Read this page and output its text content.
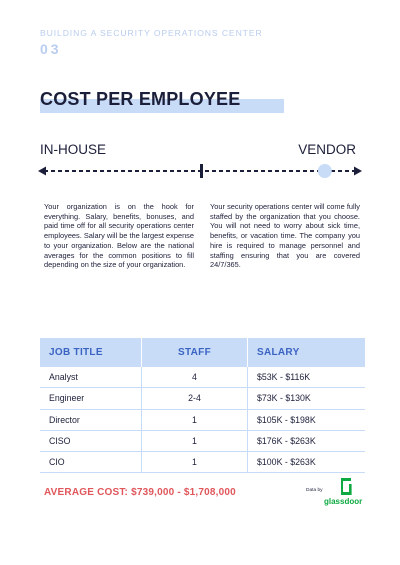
BUILDING A SECURITY OPERATIONS CENTER
03
COST PER EMPLOYEE
IN-HOUSE	VENDOR
Your organization is on the hook for everything. Salary, benefits, bonuses, and paid time off for all security operations center employees. Salary will be the largest expense to your organization. Below are the national averages for the common positions to fill depending on the size of your organization.
Your security operations center will come fully staffed by the organization that you choose. You will not need to worry about sick time, benefits, or vacation time. The company you hire is required to manage personnel and staffing ensuring that you are covered 24/7/365.
JOB TITLE	STAFF	SALARY
Analyst	4	$53K - $116K
Engineer	2-4	$73K - $130K
Director	1	$105K - $198K
CISO	1	$176K - $263K
CIO	1	$100K - $263K
AVERAGE COST: $739,000 - $1,708,000	Data by
glassdoor
